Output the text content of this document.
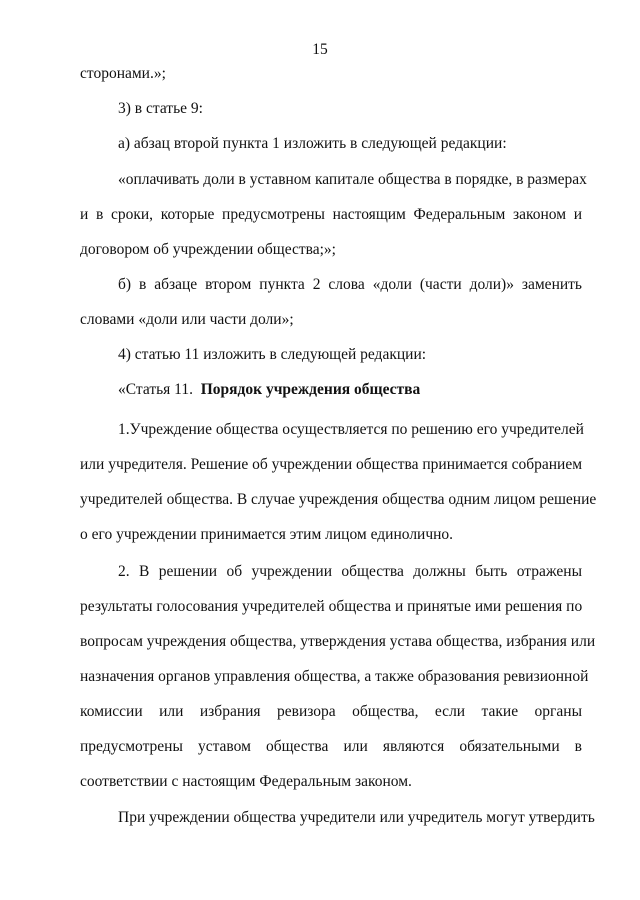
15
сторонами.»;
3) в статье 9:
а) абзац второй пункта 1 изложить в следующей редакции:
«оплачивать доли в уставном капитале общества в порядке, в размерах
и в сроки, которые предусмотрены настоящим Федеральным законом и
договором об учреждении общества;»;
б) в абзаце втором пункта 2 слова «доли (части доли)» заменить
словами «доли или части доли»;
4) статью 11 изложить в следующей редакции:
«Статья 11. Порядок учреждения общества
1.Учреждение общества осуществляется по решению его учредителей
или учредителя. Решение об учреждении общества принимается собранием
учредителей общества. В случае учреждения общества одним лицом решение
о его учреждении принимается этим лицом единолично.
2. В решении об учреждении общества должны быть отражены
результаты голосования учредителей общества и принятые ими решения по
вопросам учреждения общества, утверждения устава общества, избрания или
назначения органов управления общества, а также образования ревизионной
комиссии или избрания ревизора общества, если такие органы
предусмотрены уставом общества или являются обязательными в
соответствии с настоящим Федеральным законом.
При учреждении общества учредители или учредитель могут утвердить
